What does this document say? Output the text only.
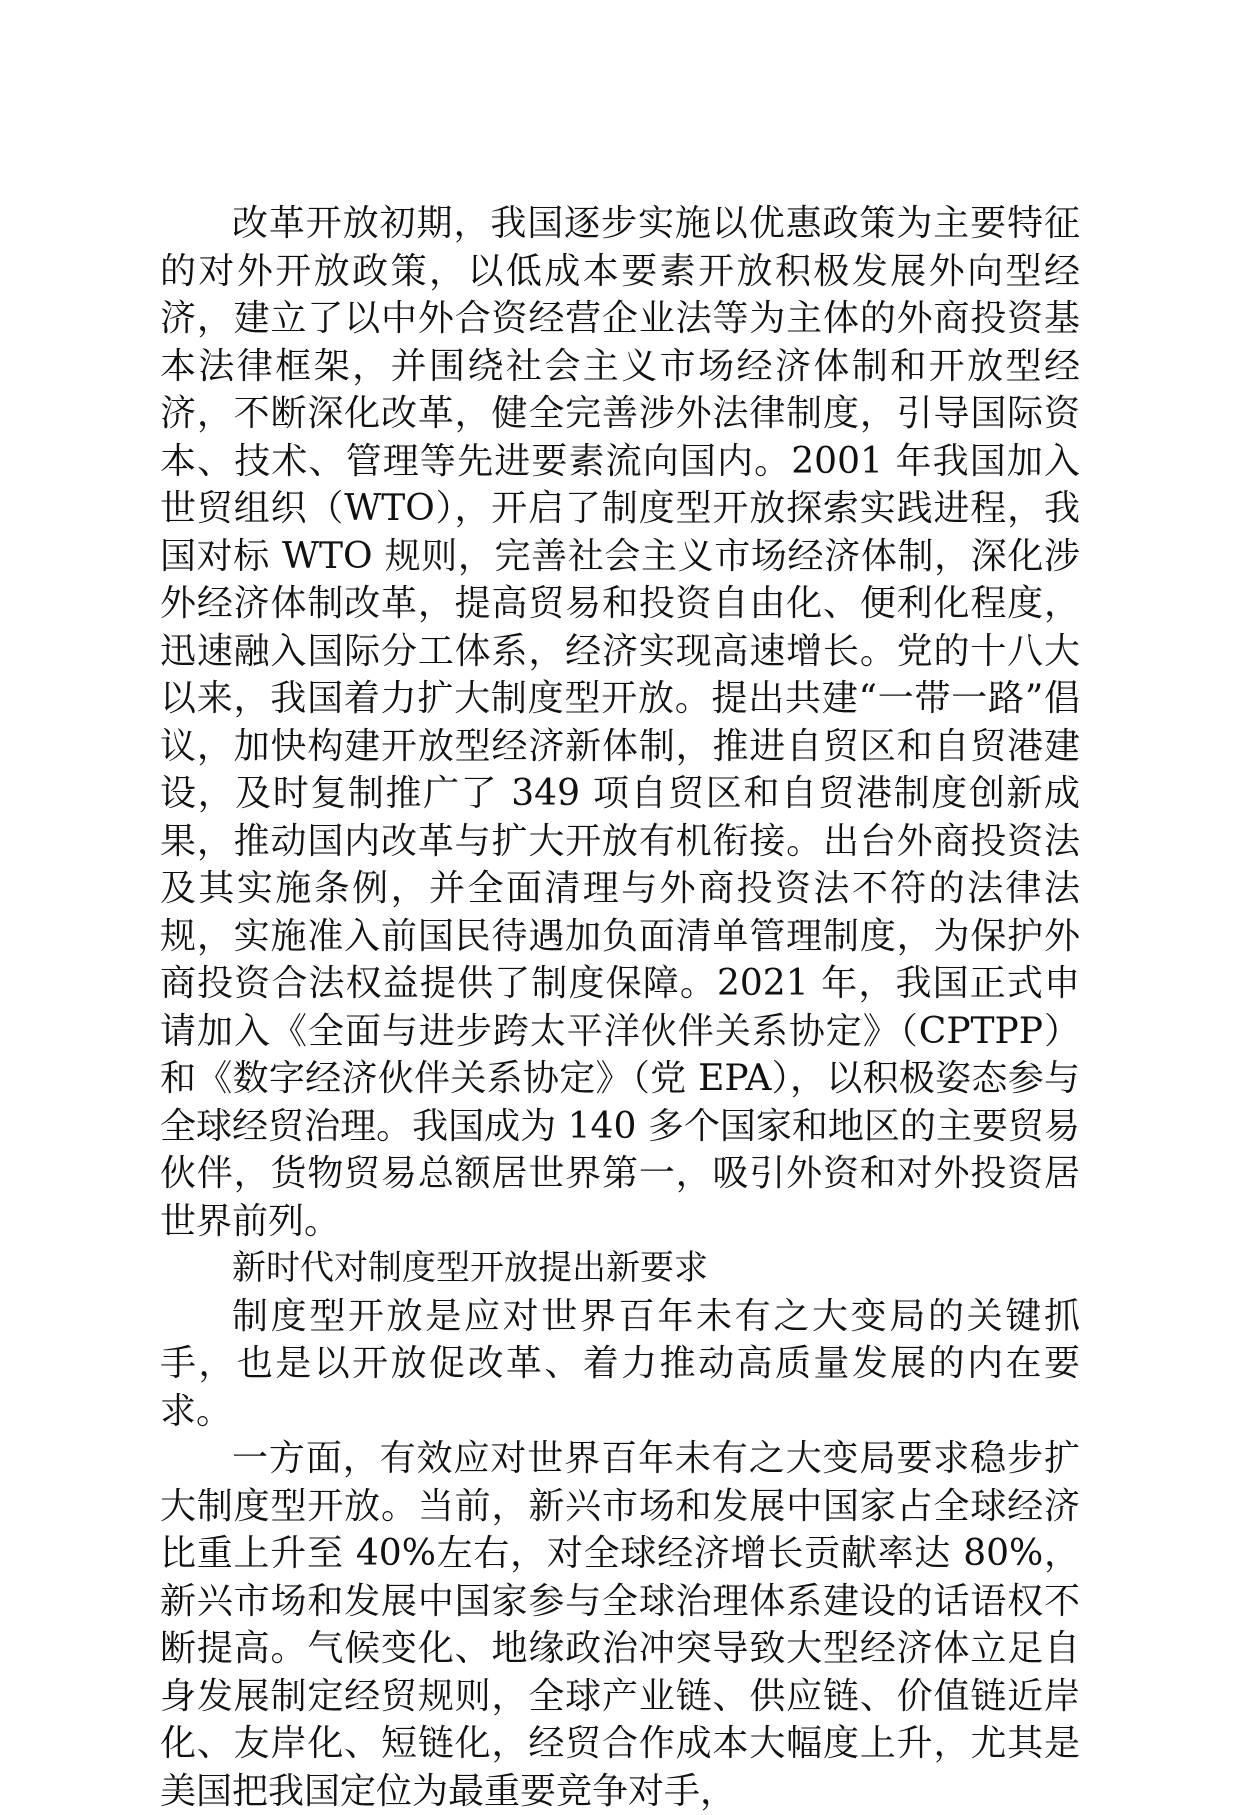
改革开放初期，我国逐步实施以优惠政策为主要特征的对外开放政策，以低成本要素开放积极发展外向型经济，建立了以中外合资经营企业法等为主体的外商投资基本法律框架，并围绕社会主义市场经济体制和开放型经济，不断深化改革，健全完善涉外法律制度，引导国际资本、技术、管理等先进要素流向国内。2001 年我国加入世贸组织（WTO），开启了制度型开放探索实践进程，我国对标 WTO 规则，完善社会主义市场经济体制，深化涉外经济体制改革，提高贸易和投资自由化、便利化程度，迅速融入国际分工体系，经济实现高速增长。党的十八大以来，我国着力扩大制度型开放。提出共建“一带一路”倡议，加快构建开放型经济新体制，推进自贸区和自贸港建设，及时复制推广了 349 项自贸区和自贸港制度创新成果，推动国内改革与扩大开放有机衔接。出台外商投资法及其实施条例，并全面清理与外商投资法不符的法律法规，实施准入前国民待遇加负面清单管理制度，为保护外商投资合法权益提供了制度保障。2021 年，我国正式申请加入《全面与进步跨太平洋伙伴关系协定》（CPTPP）和《数字经济伙伴关系协定》（党 EPA），以积极姿态参与全球经贸治理。我国成为 140 多个国家和地区的主要贸易伙伴，货物贸易总额居世界第一，吸引外资和对外投资居世界前列。

新时代对制度型开放提出新要求

制度型开放是应对世界百年未有之大变局的关键抓手，也是以开放促改革、着力推动高质量发展的内在要求。

一方面，有效应对世界百年未有之大变局要求稳步扩大制度型开放。当前，新兴市场和发展中国家占全球经济比重上升至 40%左右，对全球经济增长贡献率达 80%，新兴市场和发展中国家参与全球治理体系建设的话语权不断提高。气候变化、地缘政治冲突导致大型经济体立足自身发展制定经贸规则，全球产业链、供应链、价值链近岸化、友岸化、短链化，经贸合作成本大幅度上升，尤其是美国把我国定位为最重要竞争对手，
